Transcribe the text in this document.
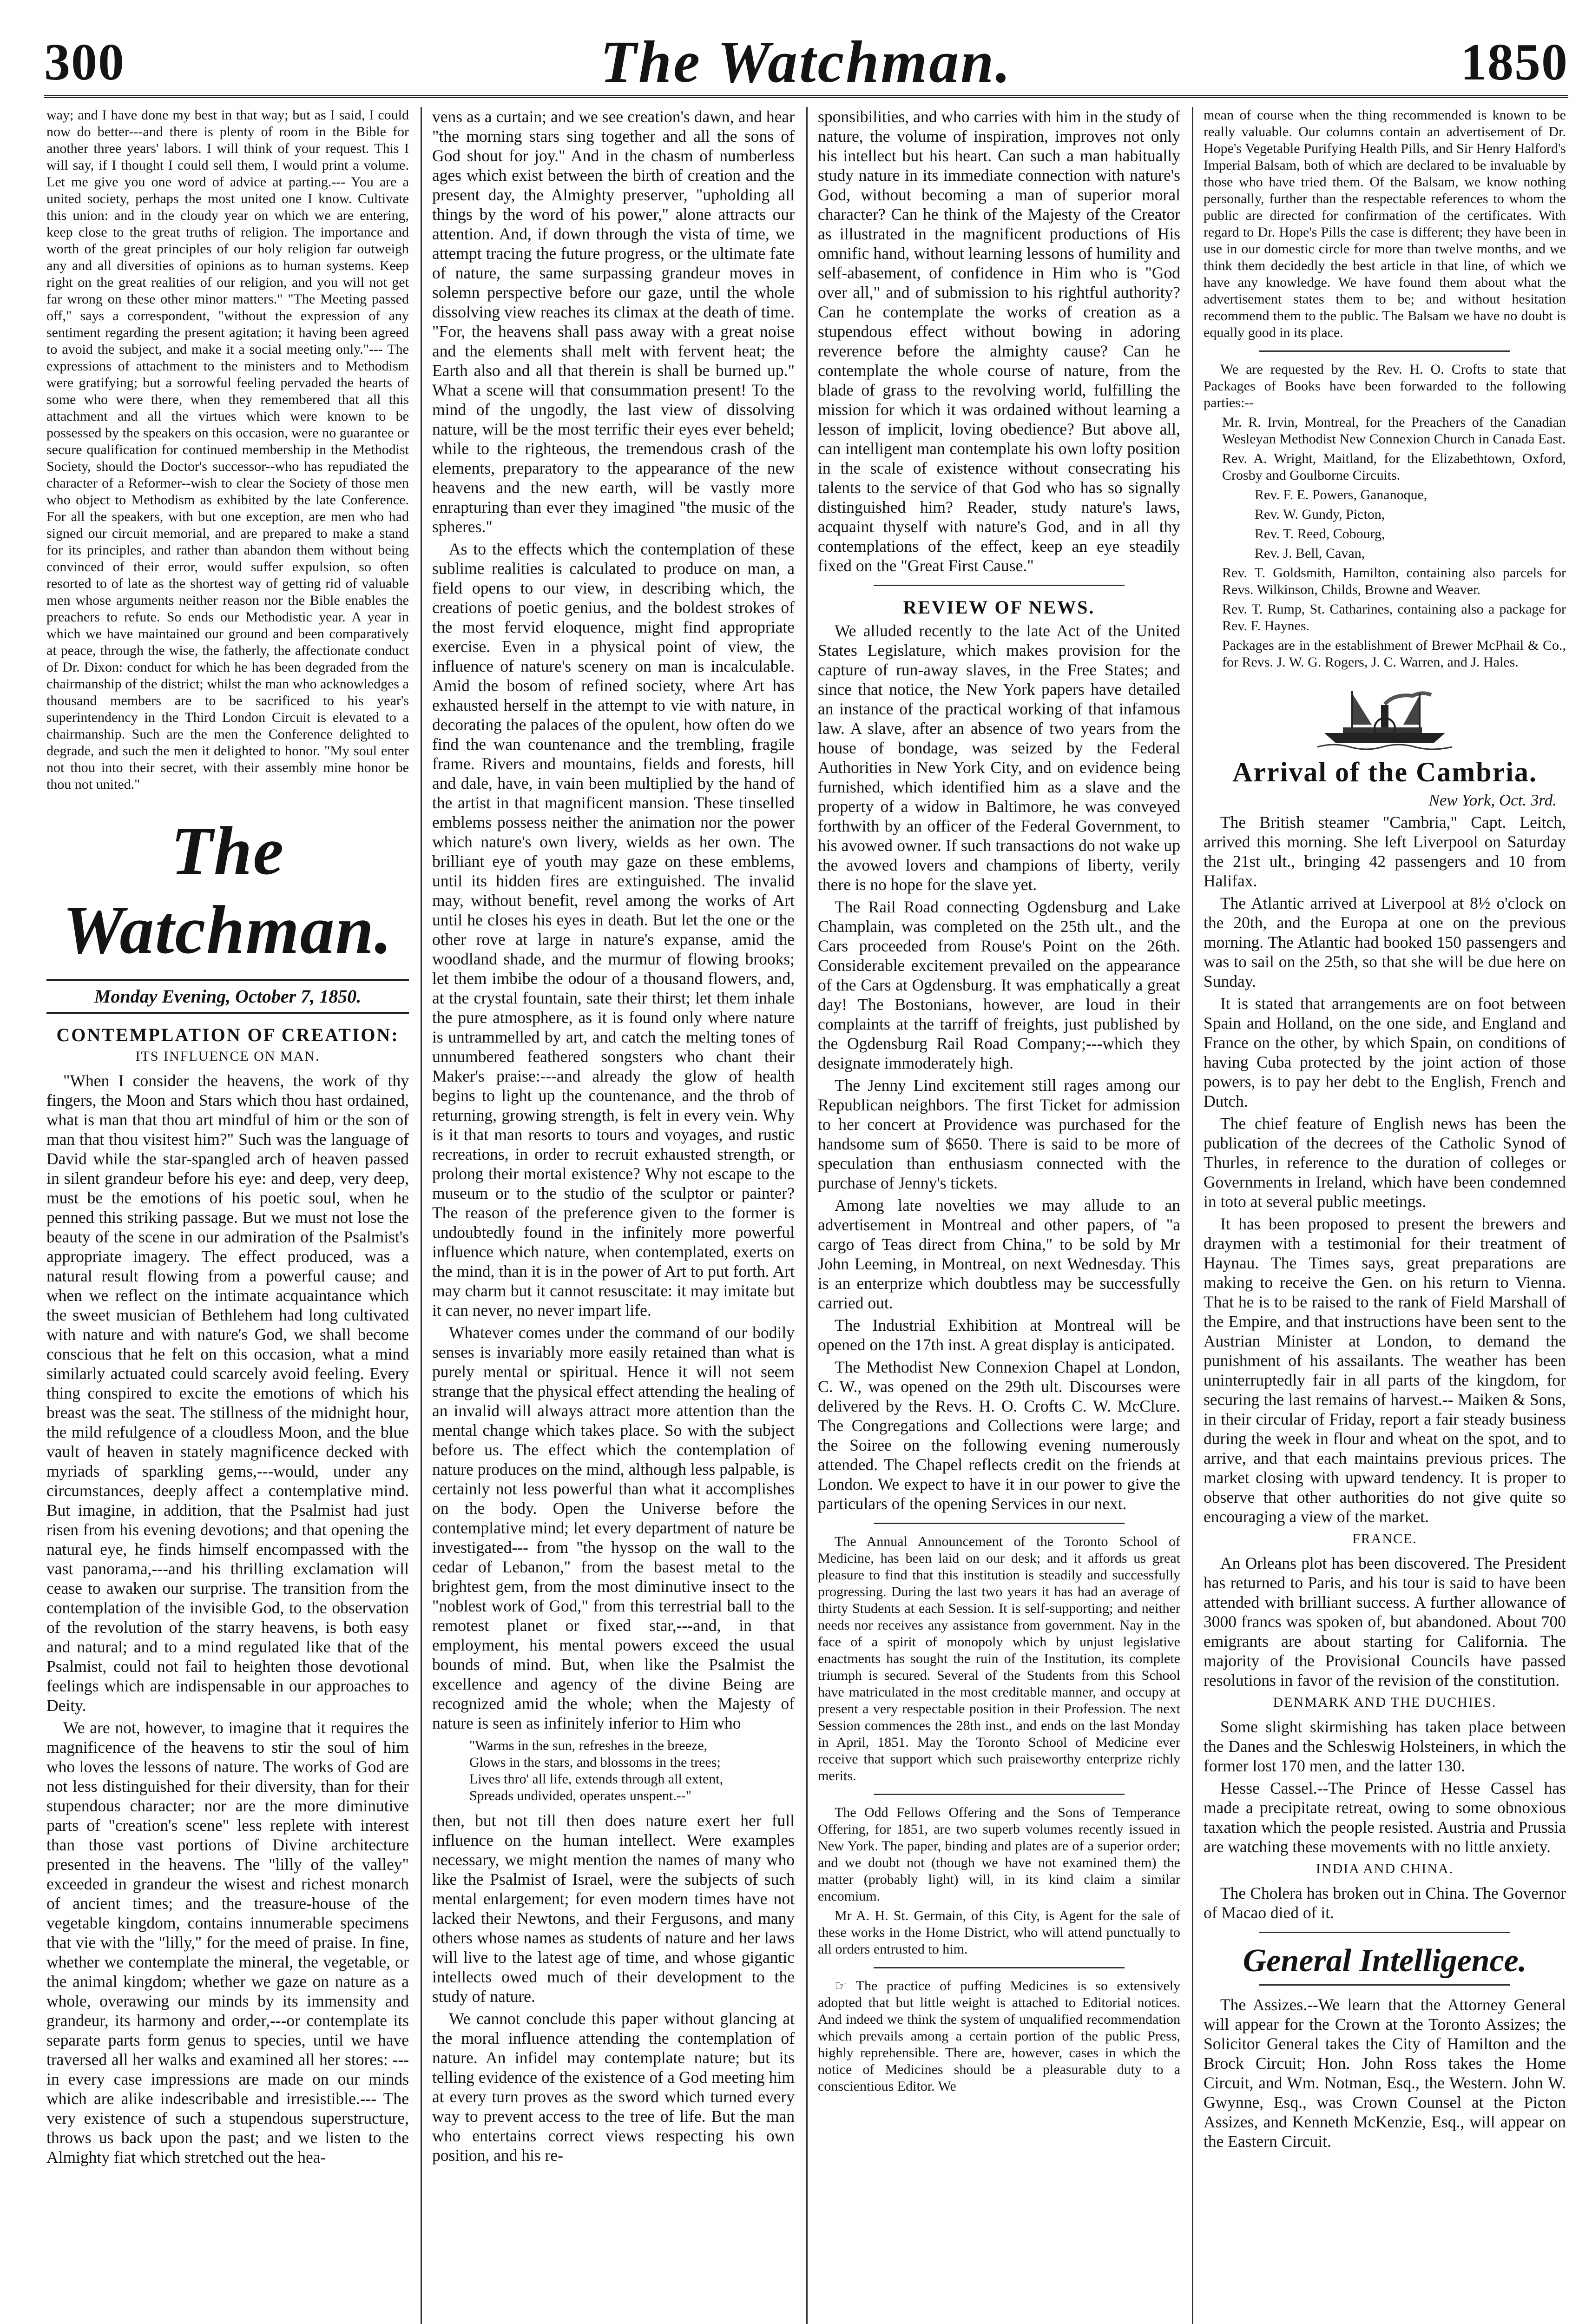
300	The Watchman.	1850

way; and I have done my best in that way; but as I said, I could now do better---and there is plenty of room in the Bible for another three years' labors. I will think of your request. This I will say, if I thought I could sell them, I would print a volume. Let me give you one word of advice at parting.--- You are a united society, perhaps the most united one I know. Cultivate this union: and in the cloudy year on which we are entering, keep close to the great truths of religion. The importance and worth of the great principles of our holy religion far outweigh any and all diversities of opinions as to human systems. Keep right on the great realities of our religion, and you will not get far wrong on these other minor matters." "The Meeting passed off," says a correspondent, "without the expression of any sentiment regarding the present agitation; it having been agreed to avoid the subject, and make it a social meeting only."--- The expressions of attachment to the ministers and to Methodism were gratifying; but a sorrowful feeling pervaded the hearts of some who were there, when they remembered that all this attachment and all the virtues which were known to be possessed by the speakers on this occasion, were no guarantee or secure qualification for continued membership in the Methodist Society, should the Doctor's successor--who has repudiated the character of a Reformer--wish to clear the Society of those men who object to Methodism as exhibited by the late Conference. For all the speakers, with but one exception, are men who had signed our circuit memorial, and are prepared to make a stand for its principles, and rather than abandon them without being convinced of their error, would suffer expulsion, so often resorted to of late as the shortest way of getting rid of valuable men whose arguments neither reason nor the Bible enables the preachers to refute. So ends our Methodistic year. A year in which we have maintained our ground and been comparatively at peace, through the wise, the fatherly, the affectionate conduct of Dr. Dixon: conduct for which he has been degraded from the chairmanship of the district; whilst the man who acknowledges a thousand members are to be sacrificed to his year's superintendency in the Third London Circuit is elevated to a chairmanship. Such are the men the Conference delighted to degrade, and such the men it delighted to honor. "My soul enter not thou into their secret, with their assembly mine honor be thou not united."

The Watchman.
Monday Evening, October 7, 1850.
CONTEMPLATION OF CREATION:
ITS INFLUENCE ON MAN.

"When I consider the heavens, the work of thy fingers, the Moon and Stars which thou hast ordained, what is man that thou art mindful of him or the son of man that thou visitest him?" Such was the language of David while the star-spangled arch of heaven passed in silent grandeur before his eye: and deep, very deep, must be the emotions of his poetic soul, when he penned this striking passage. But we must not lose the beauty of the scene in our admiration of the Psalmist's appropriate imagery. The effect produced, was a natural result flowing from a powerful cause; and when we reflect on the intimate acquaintance which the sweet musician of Bethlehem had long cultivated with nature and with nature's God, we shall become conscious that he felt on this occasion, what a mind similarly actuated could scarcely avoid feeling. Every thing conspired to excite the emotions of which his breast was the seat. The stillness of the midnight hour, the mild refulgence of a cloudless Moon, and the blue vault of heaven in stately magnificence decked with myriads of sparkling gems,---would, under any circumstances, deeply affect a contemplative mind. But imagine, in addition, that the Psalmist had just risen from his evening devotions; and that opening the natural eye, he finds himself encompassed with the vast panorama,---and his thrilling exclamation will cease to awaken our surprise. The transition from the contemplation of the invisible God, to the observation of the revolution of the starry heavens, is both easy and natural; and to a mind regulated like that of the Psalmist, could not fail to heighten those devotional feelings which are indispensable in our approaches to Deity.

We are not, however, to imagine that it requires the magnificence of the heavens to stir the soul of him who loves the lessons of nature. The works of God are not less distinguished for their diversity, than for their stupendous character; nor are the more diminutive parts of "creation's scene" less replete with interest than those vast portions of Divine architecture presented in the heavens. The "lilly of the valley" exceeded in grandeur the wisest and richest monarch of ancient times; and the treasure-house of the vegetable kingdom, contains innumerable specimens that vie with the "lilly," for the meed of praise. In fine, whether we contemplate the mineral, the vegetable, or the animal kingdom; whether we gaze on nature as a whole, overawing our minds by its immensity and grandeur, its harmony and order,---or contemplate its separate parts form genus to species, until we have traversed all her walks and examined all her stores: ---in every case impressions are made on our minds which are alike indescribable and irresistible.--- The very existence of such a stupendous superstructure, throws us back upon the past; and we listen to the Almighty fiat which stretched out the hea-

vens as a curtain; and we see creation's dawn, and hear "the morning stars sing together and all the sons of God shout for joy." And in the chasm of numberless ages which exist between the birth of creation and the present day, the Almighty preserver, "upholding all things by the word of his power," alone attracts our attention. And, if down through the vista of time, we attempt tracing the future progress, or the ultimate fate of nature, the same surpassing grandeur moves in solemn perspective before our gaze, until the whole dissolving view reaches its climax at the death of time. "For, the heavens shall pass away with a great noise and the elements shall melt with fervent heat; the Earth also and all that therein is shall be burned up." What a scene will that consummation present! To the mind of the ungodly, the last view of dissolving nature, will be the most terrific their eyes ever beheld; while to the righteous, the tremendous crash of the elements, preparatory to the appearance of the new heavens and the new earth, will be vastly more enrapturing than ever they imagined "the music of the spheres."

As to the effects which the contemplation of these sublime realities is calculated to produce on man, a field opens to our view, in describing which, the creations of poetic genius, and the boldest strokes of the most fervid eloquence, might find appropriate exercise. Even in a physical point of view, the influence of nature's scenery on man is incalculable. Amid the bosom of refined society, where Art has exhausted herself in the attempt to vie with nature, in decorating the palaces of the opulent, how often do we find the wan countenance and the trembling, fragile frame. Rivers and mountains, fields and forests, hill and dale, have, in vain been multiplied by the hand of the artist in that magnificent mansion. These tinselled emblems possess neither the animation nor the power which nature's own livery, wields as her own. The brilliant eye of youth may gaze on these emblems, until its hidden fires are extinguished. The invalid may, without benefit, revel among the works of Art until he closes his eyes in death. But let the one or the other rove at large in nature's expanse, amid the woodland shade, and the murmur of flowing brooks; let them imbibe the odour of a thousand flowers, and, at the crystal fountain, sate their thirst; let them inhale the pure atmosphere, as it is found only where nature is untrammelled by art, and catch the melting tones of unnumbered feathered songsters who chant their Maker's praise:---and already the glow of health begins to light up the countenance, and the throb of returning, growing strength, is felt in every vein. Why is it that man resorts to tours and voyages, and rustic recreations, in order to recruit exhausted strength, or prolong their mortal existence? Why not escape to the museum or to the studio of the sculptor or painter? The reason of the preference given to the former is undoubtedly found in the infinitely more powerful influence which nature, when contemplated, exerts on the mind, than it is in the power of Art to put forth. Art may charm but it cannot resuscitate: it may imitate but it can never, no never impart life.

Whatever comes under the command of our bodily senses is invariably more easily retained than what is purely mental or spiritual. Hence it will not seem strange that the physical effect attending the healing of an invalid will always attract more attention than the mental change which takes place. So with the subject before us. The effect which the contemplation of nature produces on the mind, although less palpable, is certainly not less powerful than what it accomplishes on the body. Open the Universe before the contemplative mind; let every department of nature be investigated--- from "the hyssop on the wall to the cedar of Lebanon," from the basest metal to the brightest gem, from the most diminutive insect to the "noblest work of God," from this terrestrial ball to the remotest planet or fixed star,---and, in that employment, his mental powers exceed the usual bounds of mind. But, when like the Psalmist the excellence and agency of the divine Being are recognized amid the whole; when the Majesty of nature is seen as infinitely inferior to Him who

"Warms in the sun, refreshes in the breeze,
Glows in the stars, and blossoms in the trees;
Lives thro' all life, extends through all extent,
Spreads undivided, operates unspent.--"

then, but not till then does nature exert her full influence on the human intellect. Were examples necessary, we might mention the names of many who like the Psalmist of Israel, were the subjects of such mental enlargement; for even modern times have not lacked their Newtons, and their Fergusons, and many others whose names as students of nature and her laws will live to the latest age of time, and whose gigantic intellects owed much of their development to the study of nature.

We cannot conclude this paper without glancing at the moral influence attending the contemplation of nature. An infidel may contemplate nature; but its telling evidence of the existence of a God meeting him at every turn proves as the sword which turned every way to prevent access to the tree of life. But the man who entertains correct views respecting his own position, and his re-

sponsibilities, and who carries with him in the study of nature, the volume of inspiration, improves not only his intellect but his heart. Can such a man habitually study nature in its immediate connection with nature's God, without becoming a man of superior moral character? Can he think of the Majesty of the Creator as illustrated in the magnificent productions of His omnific hand, without learning lessons of humility and self-abasement, of confidence in Him who is "God over all," and of submission to his rightful authority? Can he contemplate the works of creation as a stupendous effect without bowing in adoring reverence before the almighty cause? Can he contemplate the whole course of nature, from the blade of grass to the revolving world, fulfilling the mission for which it was ordained without learning a lesson of implicit, loving obedience? But above all, can intelligent man contemplate his own lofty position in the scale of existence without consecrating his talents to the service of that God who has so signally distinguished him? Reader, study nature's laws, acquaint thyself with nature's God, and in all thy contemplations of the effect, keep an eye steadily fixed on the "Great First Cause."

REVIEW OF NEWS.

We alluded recently to the late Act of the United States Legislature, which makes provision for the capture of run-away slaves, in the Free States; and since that notice, the New York papers have detailed an instance of the practical working of that infamous law. A slave, after an absence of two years from the house of bondage, was seized by the Federal Authorities in New York City, and on evidence being furnished, which identified him as a slave and the property of a widow in Baltimore, he was conveyed forthwith by an officer of the Federal Government, to his avowed owner. If such transactions do not wake up the avowed lovers and champions of liberty, verily there is no hope for the slave yet.

The Rail Road connecting Ogdensburg and Lake Champlain, was completed on the 25th ult., and the Cars proceeded from Rouse's Point on the 26th. Considerable excitement prevailed on the appearance of the Cars at Ogdensburg. It was emphatically a great day! The Bostonians, however, are loud in their complaints at the tarriff of freights, just published by the Ogdensburg Rail Road Company;---which they designate immoderately high.

The Jenny Lind excitement still rages among our Republican neighbors. The first Ticket for admission to her concert at Providence was purchased for the handsome sum of $650. There is said to be more of speculation than enthusiasm connected with the purchase of Jenny's tickets.

Among late novelties we may allude to an advertisement in Montreal and other papers, of "a cargo of Teas direct from China," to be sold by Mr John Leeming, in Montreal, on next Wednesday. This is an enterprize which doubtless may be successfully carried out.

The Industrial Exhibition at Montreal will be opened on the 17th inst. A great display is anticipated.

The Methodist New Connexion Chapel at London, C. W., was opened on the 29th ult. Discourses were delivered by the Revs. H. O. Crofts C. W. McClure. The Congregations and Collections were large; and the Soiree on the following evening numerously attended. The Chapel reflects credit on the friends at London. We expect to have it in our power to give the particulars of the opening Services in our next.

The Annual Announcement of the Toronto School of Medicine, has been laid on our desk; and it affords us great pleasure to find that this institution is steadily and successfully progressing. During the last two years it has had an average of thirty Students at each Session. It is self-supporting; and neither needs nor receives any assistance from government. Nay in the face of a spirit of monopoly which by unjust legislative enactments has sought the ruin of the Institution, its complete triumph is secured. Several of the Students from this School have matriculated in the most creditable manner, and occupy at present a very respectable position in their Profession. The next Session commences the 28th inst., and ends on the last Monday in April, 1851. May the Toronto School of Medicine ever receive that support which such praiseworthy enterprize richly merits.

The Odd Fellows Offering and the Sons of Temperance Offering, for 1851, are two superb volumes recently issued in New York. The paper, binding and plates are of a superior order; and we doubt not (though we have not examined them) the matter (probably light) will, in its kind claim a similar encomium.

Mr A. H. St. Germain, of this City, is Agent for the sale of these works in the Home District, who will attend punctually to all orders entrusted to him.

☞ The practice of puffing Medicines is so extensively adopted that but little weight is attached to Editorial notices. And indeed we think the system of unqualified recommendation which prevails among a certain portion of the public Press, highly reprehensible. There are, however, cases in which the notice of Medicines should be a pleasurable duty to a conscientious Editor. We

mean of course when the thing recommended is known to be really valuable. Our columns contain an advertisement of Dr. Hope's Vegetable Purifying Health Pills, and Sir Henry Halford's Imperial Balsam, both of which are declared to be invaluable by those who have tried them. Of the Balsam, we know nothing personally, further than the respectable references to whom the public are directed for confirmation of the certificates. With regard to Dr. Hope's Pills the case is different; they have been in use in our domestic circle for more than twelve months, and we think them decidedly the best article in that line, of which we have any knowledge. We have found them about what the advertisement states them to be; and without hesitation recommend them to the public. The Balsam we have no doubt is equally good in its place.

We are requested by the Rev. H. O. Crofts to state that Packages of Books have been forwarded to the following parties:--

Mr. R. Irvin, Montreal, for the Preachers of the Canadian Wesleyan Methodist New Connexion Church in Canada East.

Rev. A. Wright, Maitland, for the Elizabethtown, Oxford, Crosby and Goulborne Circuits.

Rev. F. E. Powers, Gananoque,

Rev. W. Gundy, Picton,

Rev. T. Reed, Cobourg,

Rev. J. Bell, Cavan,

Rev. T. Goldsmith, Hamilton, containing also parcels for Revs. Wilkinson, Childs, Browne and Weaver.

Rev. T. Rump, St. Catharines, containing also a package for Rev. F. Haynes.

Packages are in the establishment of Brewer McPhail & Co., for Revs. J. W. G. Rogers, J. C. Warren, and J. Hales.

Arrival of the Cambria.
New York, Oct. 3rd.

The British steamer "Cambria," Capt. Leitch, arrived this morning. She left Liverpool on Saturday the 21st ult., bringing 42 passengers and 10 from Halifax.

The Atlantic arrived at Liverpool at 8½ o'clock on the 20th, and the Europa at one on the previous morning. The Atlantic had booked 150 passengers and was to sail on the 25th, so that she will be due here on Sunday.

It is stated that arrangements are on foot between Spain and Holland, on the one side, and England and France on the other, by which Spain, on conditions of having Cuba protected by the joint action of those powers, is to pay her debt to the English, French and Dutch.

The chief feature of English news has been the publication of the decrees of the Catholic Synod of Thurles, in reference to the duration of colleges or Governments in Ireland, which have been condemned in toto at several public meetings.

It has been proposed to present the brewers and draymen with a testimonial for their treatment of Haynau. The Times says, great preparations are making to receive the Gen. on his return to Vienna. That he is to be raised to the rank of Field Marshall of the Empire, and that instructions have been sent to the Austrian Minister at London, to demand the punishment of his assailants. The weather has been uninterruptedly fair in all parts of the kingdom, for securing the last remains of harvest.-- Maiken & Sons, in their circular of Friday, report a fair steady business during the week in flour and wheat on the spot, and to arrive, and that each maintains previous prices. The market closing with upward tendency. It is proper to observe that other authorities do not give quite so encouraging a view of the market.

FRANCE.

An Orleans plot has been discovered. The President has returned to Paris, and his tour is said to have been attended with brilliant success. A further allowance of 3000 francs was spoken of, but abandoned. About 700 emigrants are about starting for California. The majority of the Provisional Councils have passed resolutions in favor of the revision of the constitution.

DENMARK AND THE DUCHIES.

Some slight skirmishing has taken place between the Danes and the Schleswig Holsteiners, in which the former lost 170 men, and the latter 130.

Hesse Cassel.--The Prince of Hesse Cassel has made a precipitate retreat, owing to some obnoxious taxation which the people resisted. Austria and Prussia are watching these movements with no little anxiety.

INDIA AND CHINA.

The Cholera has broken out in China. The Governor of Macao died of it.

General Intelligence.

The Assizes.--We learn that the Attorney General will appear for the Crown at the Toronto Assizes; the Solicitor General takes the City of Hamilton and the Brock Circuit; Hon. John Ross takes the Home Circuit, and Wm. Notman, Esq., the Western. John W. Gwynne, Esq., was Crown Counsel at the Picton Assizes, and Kenneth McKenzie, Esq., will appear on the Eastern Circuit.
